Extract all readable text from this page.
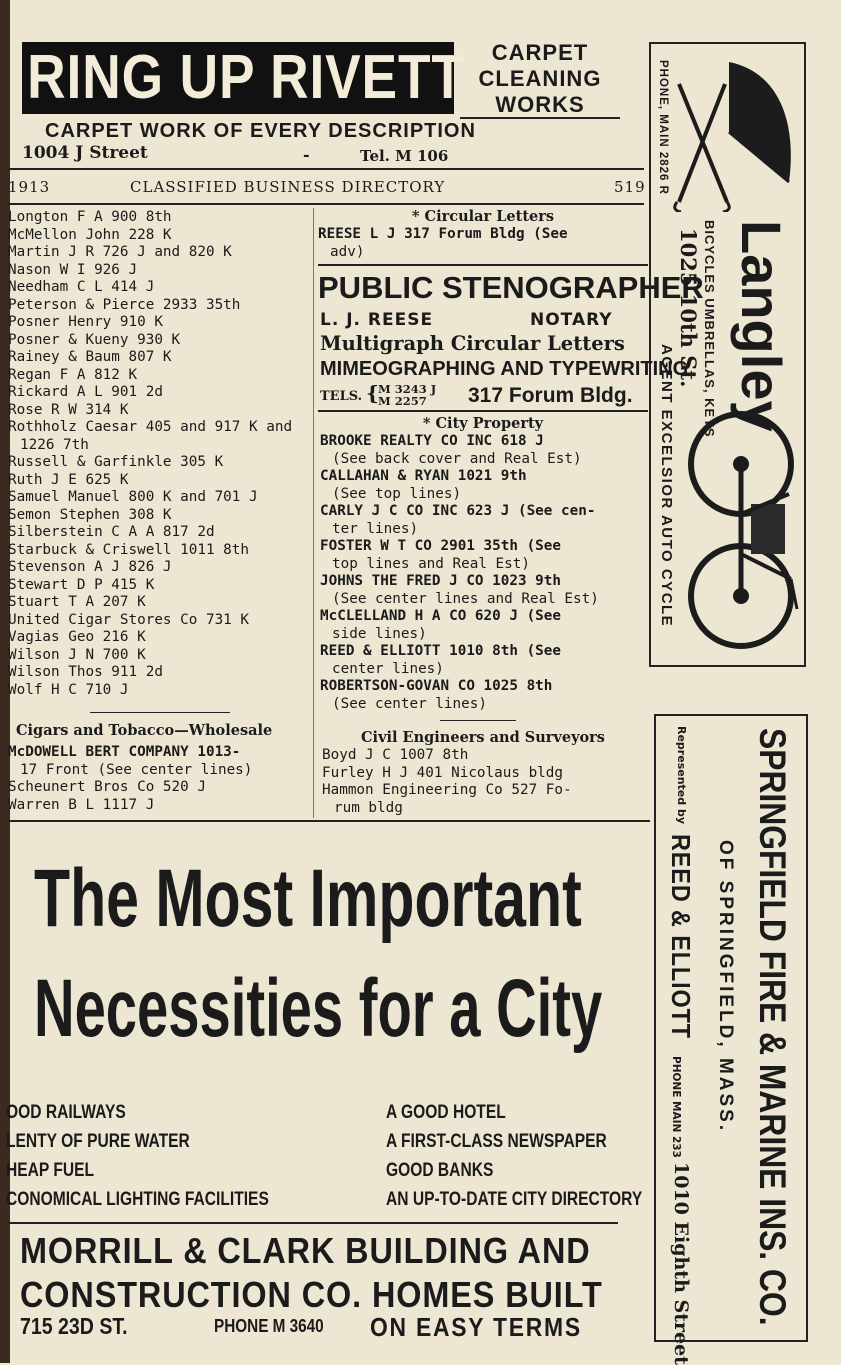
RING UP RIVETT	CARPET
CLEANING
WORKS
CARPET WORK OF EVERY DESCRIPTION
1004 J Street	-	Tel. M 106
1913	CLASSIFIED BUSINESS DIRECTORY	519
Longton F A 900 8th
McMellon John 228 K
Martin J R 726 J and 820 K
Nason W I 926 J
Needham C L 414 J
Peterson & Pierce 2933 35th
Posner Henry 910 K
Posner & Kueny 930 K
Rainey & Baum 807 K
Regan F A 812 K
Rickard A L 901 2d
Rose R W 314 K
Rothholz Caesar 405 and 917 K and
1226 7th
Russell & Garfinkle 305 K
Ruth J E 625 K
Samuel Manuel 800 K and 701 J
Semon Stephen 308 K
Silberstein C A A 817 2d
Starbuck & Criswell 1011 8th
Stevenson A J 826 J
Stewart D P 415 K
Stuart T A 207 K
United Cigar Stores Co 731 K
Vagias Geo 216 K
Wilson J N 700 K
Wilson Thos 911 2d
Wolf H C 710 J
Cigars and Tobacco—Wholesale
McDOWELL BERT COMPANY 1013-
17 Front (See center lines)
Scheunert Bros Co 520 J
Warren B L 1117 J
* Circular Letters
REESE L J 317 Forum Bldg (See
adv)
PUBLIC STENOGRAPHER
L. J. REESE	NOTARY
Multigraph Circular Letters
MIMEOGRAPHING AND TYPEWRITING
TELS. { M 3243 J
M 2257	317 Forum Bldg.
* City Property
BROOKE REALTY CO INC 618 J
(See back cover and Real Est)
CALLAHAN & RYAN 1021 9th
(See top lines)
CARLY J C CO INC 623 J (See cen-
ter lines)
FOSTER W T CO 2901 35th (See
top lines and Real Est)
JOHNS THE FRED J CO 1023 9th
(See center lines and Real Est)
McCLELLAND H A CO 620 J (See
side lines)
REED & ELLIOTT 1010 8th (See
center lines)
ROBERTSON-GOVAN CO 1025 8th
(See center lines)
Civil Engineers and Surveyors
Boyd J C 1007 8th
Furley H J 401 Nicolaus bldg
Hammon Engineering Co 527 Fo-
rum bldg
PHONE, MAIN 2826 R
Langley
BICYCLES UMBRELLAS, KEYS
1025 10th St.
AGENT EXCELSIOR AUTO CYCLE
SPRINGFIELD FIRE & MARINE INS. CO.
OF SPRINGFIELD, MASS.
Represented by
REED & ELLIOTT
PHONE MAIN 233
1010 Eighth Street
The Most Important
Necessities for a City
OOD RAILWAYS
LENTY OF PURE WATER
HEAP FUEL
CONOMICAL LIGHTING FACILITIES
A GOOD HOTEL
A FIRST-CLASS NEWSPAPER
GOOD BANKS
AN UP-TO-DATE CITY DIRECTORY
MORRILL & CLARK BUILDING AND
CONSTRUCTION CO. HOMES BUILT
715 23D ST.	PHONE M 3640	ON EASY TERMS
